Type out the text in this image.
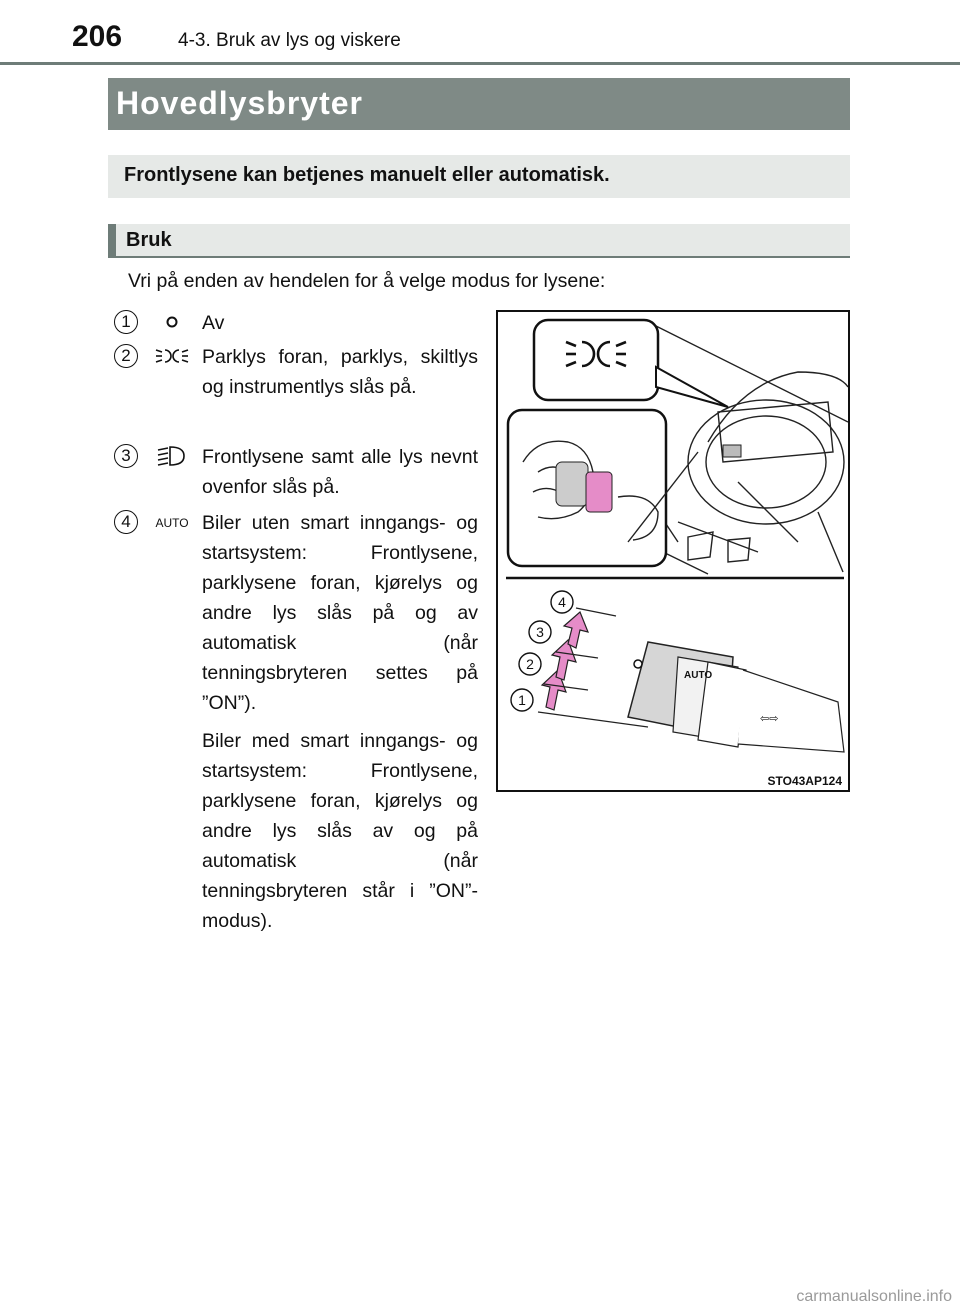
206	4-3. Bruk av lys og viskere
Hovedlysbryter
Frontlysene kan betjenes manuelt eller automatisk.
Bruk
Vri på enden av hendelen for å velge modus for lysene:
1	Av
2	Parklys foran, parklys, skiltlys og instrumentlys slås på.
3	Frontlysene samt alle lys nevnt ovenfor slås på.
4	AUTO Biler uten smart inngangs- og startsystem: Frontlysene, parklysene foran, kjørelys og andre lys slås på og av automatisk (når tenningsbryteren settes på ”ON”).
Biler med smart inngangs- og startsystem: Frontlysene, parklysene foran, kjørelys og andre lys slås av og på automatisk (når tenningsbryteren står i ”ON”-modus).
AUTO
⇦⇨
1
2
3
4
STO43AP124
carmanualsonline.info
